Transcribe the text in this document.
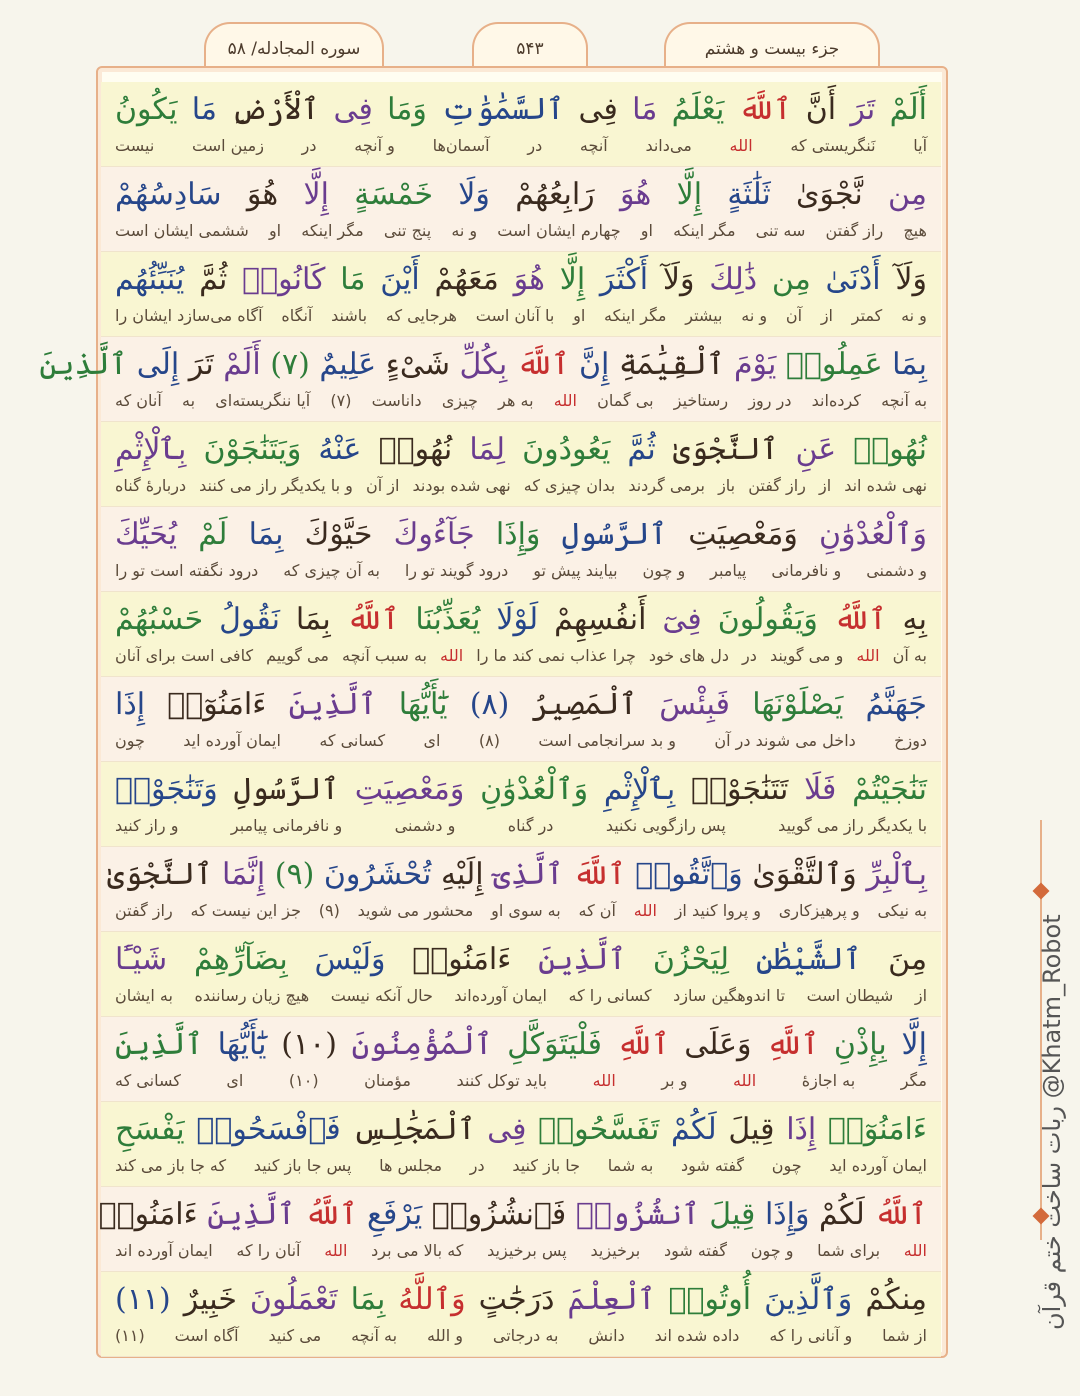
جزء بیست و هشتم
۵۴۳
سوره المجادله/ ۵۸
أَلَمْ تَرَ أَنَّ ٱللَّهَ يَعْلَمُ مَا فِى ٱلسَّمَٰوَٰتِ وَمَا فِى ٱلْأَرْضِ مَا يَكُونُ
آیا نَنگریستی که الله می‌داند آنچه در آسمان‌ها و آنچه در زمین است نیست
مِن نَّجْوَىٰ ثَلَٰثَةٍ إِلَّا هُوَ رَابِعُهُمْ وَلَا خَمْسَةٍ إِلَّا هُوَ سَادِسُهُمْ
هیچ راز گفتن سه تنی مگر اینکه او چهارم ایشان است و نه پنج تنی مگر اینکه او ششمی ایشان است
وَلَآ أَدْنَىٰ مِن ذَٰلِكَ وَلَآ أَكْثَرَ إِلَّا هُوَ مَعَهُمْ أَيْنَ مَا كَانُوا۟ ثُمَّ يُنَبِّئُهُم
و نه کمتر از آن و نه بیشتر مگر اینکه او با آنان است هرجایی که باشند آنگاه آگاه می‌سازد ایشان را
بِمَا عَمِلُوا۟ يَوْمَ ٱلْقِيَٰمَةِ إِنَّ ٱللَّهَ بِكُلِّ شَىْءٍ عَلِيمٌ (٧) أَلَمْ تَرَ إِلَى ٱلَّذِينَ
به آنچه کرده‌اند در روز رستاخیز بی گمان الله به هر چیزی داناست (٧) آیا ننگریسته‌ای به آنان که
نُهُوا۟ عَنِ ٱلنَّجْوَىٰ ثُمَّ يَعُودُونَ لِمَا نُهُوا۟ عَنْهُ وَيَتَنَٰجَوْنَ بِٱلْإِثْمِ
نهی شده اند از راز گفتن باز برمی گردند بدان چیزی که نهی شده بودند از آن و با یکدیگر راز می کنند دربارهٔ گناه
وَٱلْعُدْوَٰنِ وَمَعْصِيَتِ ٱلرَّسُولِ وَإِذَا جَآءُوكَ حَيَّوْكَ بِمَا لَمْ يُحَيِّكَ
و دشمنی و نافرمانی پیامبر و چون بیایند پیش تو درود گویند تو را به آن چیزی که درود نگفته است تو را
بِهِ ٱللَّهُ وَيَقُولُونَ فِىٓ أَنفُسِهِمْ لَوْلَا يُعَذِّبُنَا ٱللَّهُ بِمَا نَقُولُ حَسْبُهُمْ
به آن الله و می گویند در دل های خود چرا عذاب نمی کند ما را الله به سبب آنچه می گوییم کافی است برای آنان
جَهَنَّمُ يَصْلَوْنَهَا فَبِئْسَ ٱلْمَصِيرُ (٨) يَٰٓأَيُّهَا ٱلَّذِينَ ءَامَنُوٓا۟ إِذَا
دوزخ داخل می شوند در آن و بد سرانجامی است (٨) ای کسانی که ایمان آورده اید چون
تَنَٰجَيْتُمْ فَلَا تَتَنَٰجَوْا۟ بِٱلْإِثْمِ وَٱلْعُدْوَٰنِ وَمَعْصِيَتِ ٱلرَّسُولِ وَتَنَٰجَوْا۟
با یکدیگر راز می گویید پس رازگویی نکنید در گناه و دشمنی و نافرمانی پیامبر و راز کنید
بِٱلْبِرِّ وَٱلتَّقْوَىٰ وَٱتَّقُوا۟ ٱللَّهَ ٱلَّذِىٓ إِلَيْهِ تُحْشَرُونَ (٩) إِنَّمَا ٱلنَّجْوَىٰ
به نیکی و پرهیزکاری و پروا کنید از الله آن که به سوی او محشور می شوید (٩) جز این نیست که راز گفتن
مِنَ ٱلشَّيْطَٰنِ لِيَحْزُنَ ٱلَّذِينَ ءَامَنُوا۟ وَلَيْسَ بِضَآرِّهِمْ شَيْـًٔا
از شیطان است تا اندوهگین سازد کسانی را که ایمان آورده‌اند حال آنکه نیست هیچ زیان رساننده به ایشان
إِلَّا بِإِذْنِ ٱللَّهِ وَعَلَى ٱللَّهِ فَلْيَتَوَكَّلِ ٱلْمُؤْمِنُونَ (١٠) يَٰٓأَيُّهَا ٱلَّذِينَ
مگر به اجازهٔ الله و بر الله باید توکل کنند مؤمنان (١٠) ای کسانی که
ءَامَنُوٓا۟ إِذَا قِيلَ لَكُمْ تَفَسَّحُوا۟ فِى ٱلْمَجَٰلِسِ فَٱفْسَحُوا۟ يَفْسَحِ
ایمان آورده اید چون گفته شود به شما جا باز کنید در مجلس ها پس جا باز کنید که جا باز می کند
ٱللَّهُ لَكُمْ وَإِذَا قِيلَ ٱنشُزُوا۟ فَٱنشُزُوا۟ يَرْفَعِ ٱللَّهُ ٱلَّذِينَ ءَامَنُوا۟
الله برای شما و چون گفته شود برخیزید پس برخیزید که بالا می برد الله آنان را که ایمان آورده اند
مِنكُمْ وَٱلَّذِينَ أُوتُوا۟ ٱلْعِلْمَ دَرَجَٰتٍ وَٱللَّهُ بِمَا تَعْمَلُونَ خَبِيرٌ (١١)
از شما و آنانی را که داده شده اند دانش به درجاتی و الله به آنچه می کنید آگاه است (١١)
ربات ساخت ختم قرآن @Khatm_Robot
